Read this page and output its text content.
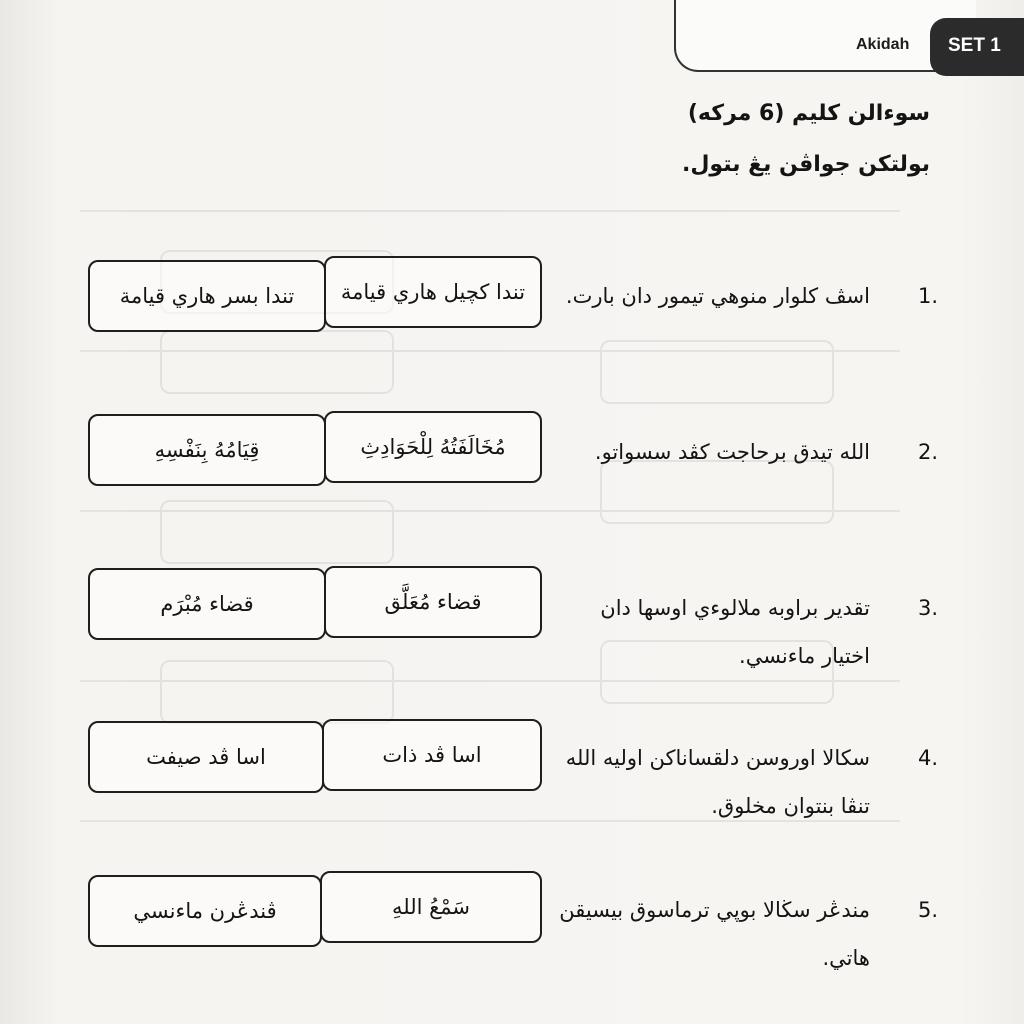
Akidah SET 1
سوءالن كليم (6 مركه)
بولتكن جواڤن يڠ بتول.
1.
اسڤ كلوار منوهي تيمور دان بارت.
تندا كچيل هاري قيامة
تندا بسر هاري قيامة
2.
الله تيدق برحاجت كڤد سسواتو.
مُخَالَفَتُهُ لِلْحَوَادِثِ
قِيَامُهُ بِنَفْسِهِ
3.
تقدير براوبه ملالوءي اوسها دان اختيار ماءنسي.
قضاء مُعَلَّق
قضاء مُبْرَم
4.
سكالا اوروسن دلقساناكن اوليه الله تنڤا بنتوان مخلوق.
اسا ڤد ذات
اسا ڤد صيفت
5.
مندڠر سڬالا بوڽي ترماسوق بيسيقن هاتي.
سَمْعُ اللهِ
ڤندڠرن ماءنسي
